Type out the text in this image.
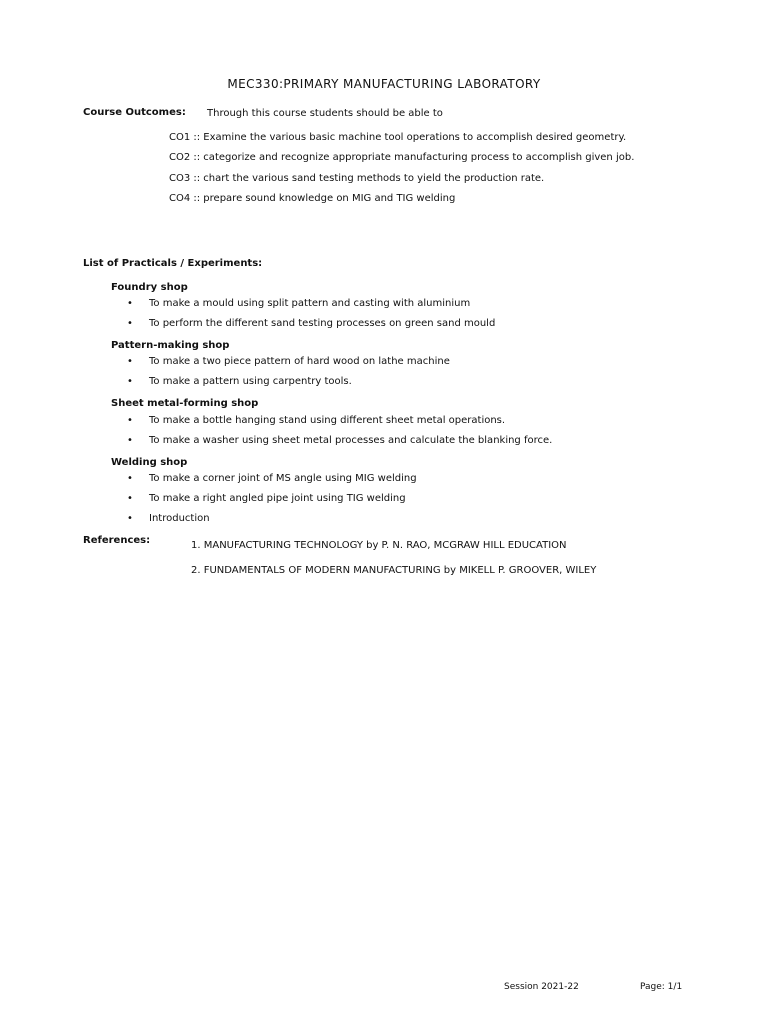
MEC330:PRIMARY MANUFACTURING LABORATORY
Course Outcomes: Through this course students should be able to
CO1 :: Examine the various basic machine tool operations to accomplish desired geometry.
CO2 :: categorize and recognize appropriate manufacturing process to accomplish given job.
CO3 :: chart the various sand testing methods to yield the production rate.
CO4 :: prepare sound knowledge on MIG and TIG welding
List of Practicals / Experiments:
Foundry shop
• To make a mould using split pattern and casting with aluminium
• To perform the different sand testing processes on green sand mould
Pattern-making shop
• To make a two piece pattern of hard wood on lathe machine
• To make a pattern using carpentry tools.
Sheet metal-forming shop
• To make a bottle hanging stand using different sheet metal operations.
• To make a washer using sheet metal processes and calculate the blanking force.
Welding shop
• To make a corner joint of MS angle using MIG welding
• To make a right angled pipe joint using TIG welding
• Introduction
References:	1. MANUFACTURING TECHNOLOGY by P. N. RAO, MCGRAW HILL EDUCATION
2. FUNDAMENTALS OF MODERN MANUFACTURING by MIKELL P. GROOVER, WILEY
Session 2021-22	Page: 1/1
